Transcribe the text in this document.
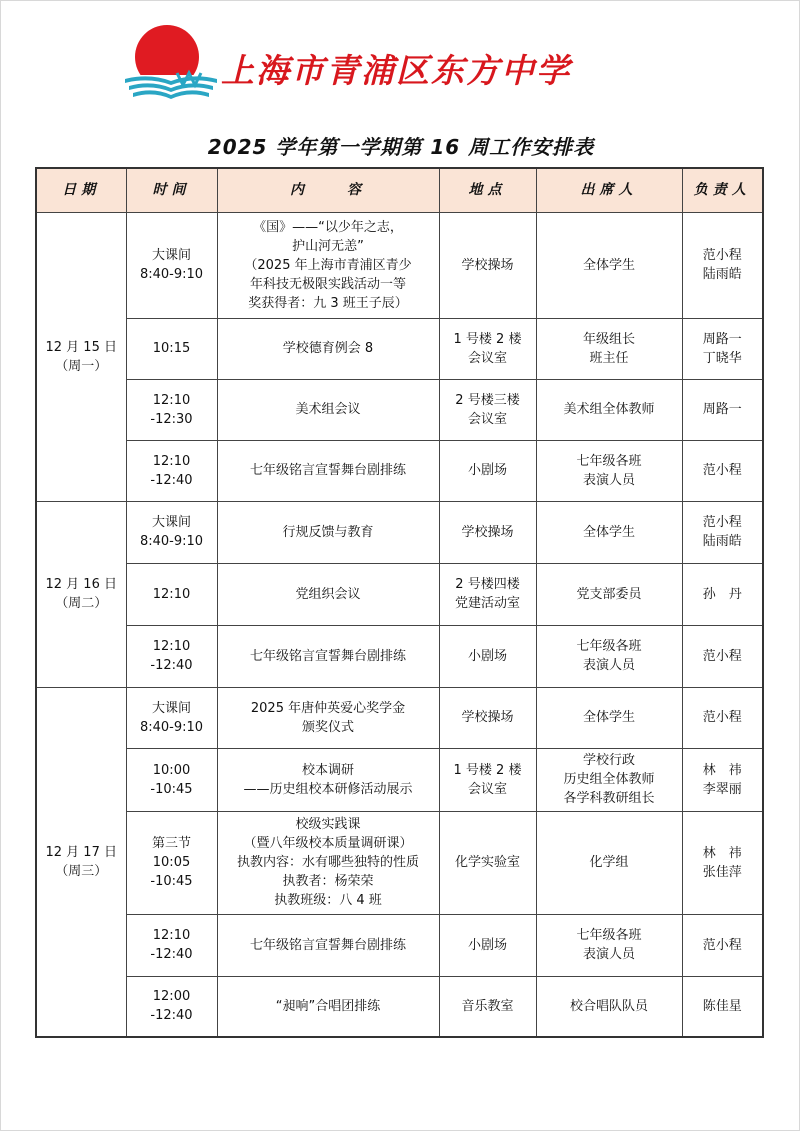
上海市青浦区东方中学
2025 学年第一学期第 16 周工作安排表
日期	时间	内　　容	地点	出席人	负责人
12 月 15 日
（周一）	大课间
8:40-9:10	《国》——“以少年之志，
护山河无恙”
（2025 年上海市青浦区青少
年科技无极限实践活动一等
奖获得者：九 3 班王子辰）	学校操场	全体学生	范小程
陆雨皓
	10:15	学校德育例会 8	1 号楼 2 楼
会议室	年级组长
班主任	周路一
丁晓华
	12:10
-12:30	美术组会议	2 号楼三楼
会议室	美术组全体教师	周路一
	12:10
-12:40	七年级铭言宣誓舞台剧排练	小剧场	七年级各班
表演人员	范小程
12 月 16 日
（周二）	大课间
8:40-9:10	行规反馈与教育	学校操场	全体学生	范小程
陆雨皓
	12:10	党组织会议	2 号楼四楼
党建活动室	党支部委员	孙　丹
	12:10
-12:40	七年级铭言宣誓舞台剧排练	小剧场	七年级各班
表演人员	范小程
12 月 17 日
（周三）	大课间
8:40-9:10	2025 年唐仲英爱心奖学金
颁奖仪式	学校操场	全体学生	范小程
	10:00
-10:45	校本调研
——历史组校本研修活动展示	1 号楼 2 楼
会议室	学校行政
历史组全体教师
各学科教研组长	林　祎
李翠丽
	第三节
10:05
-10:45	校级实践课
（暨八年级校本质量调研课）
执教内容：水有哪些独特的性质
执教者：杨荣荣
执教班级：八 4 班	化学实验室	化学组	林　祎
张佳萍
	12:10
-12:40	七年级铭言宣誓舞台剧排练	小剧场	七年级各班
表演人员	范小程
	12:00
-12:40	“昶响”合唱团排练	音乐教室	校合唱队队员	陈佳星
